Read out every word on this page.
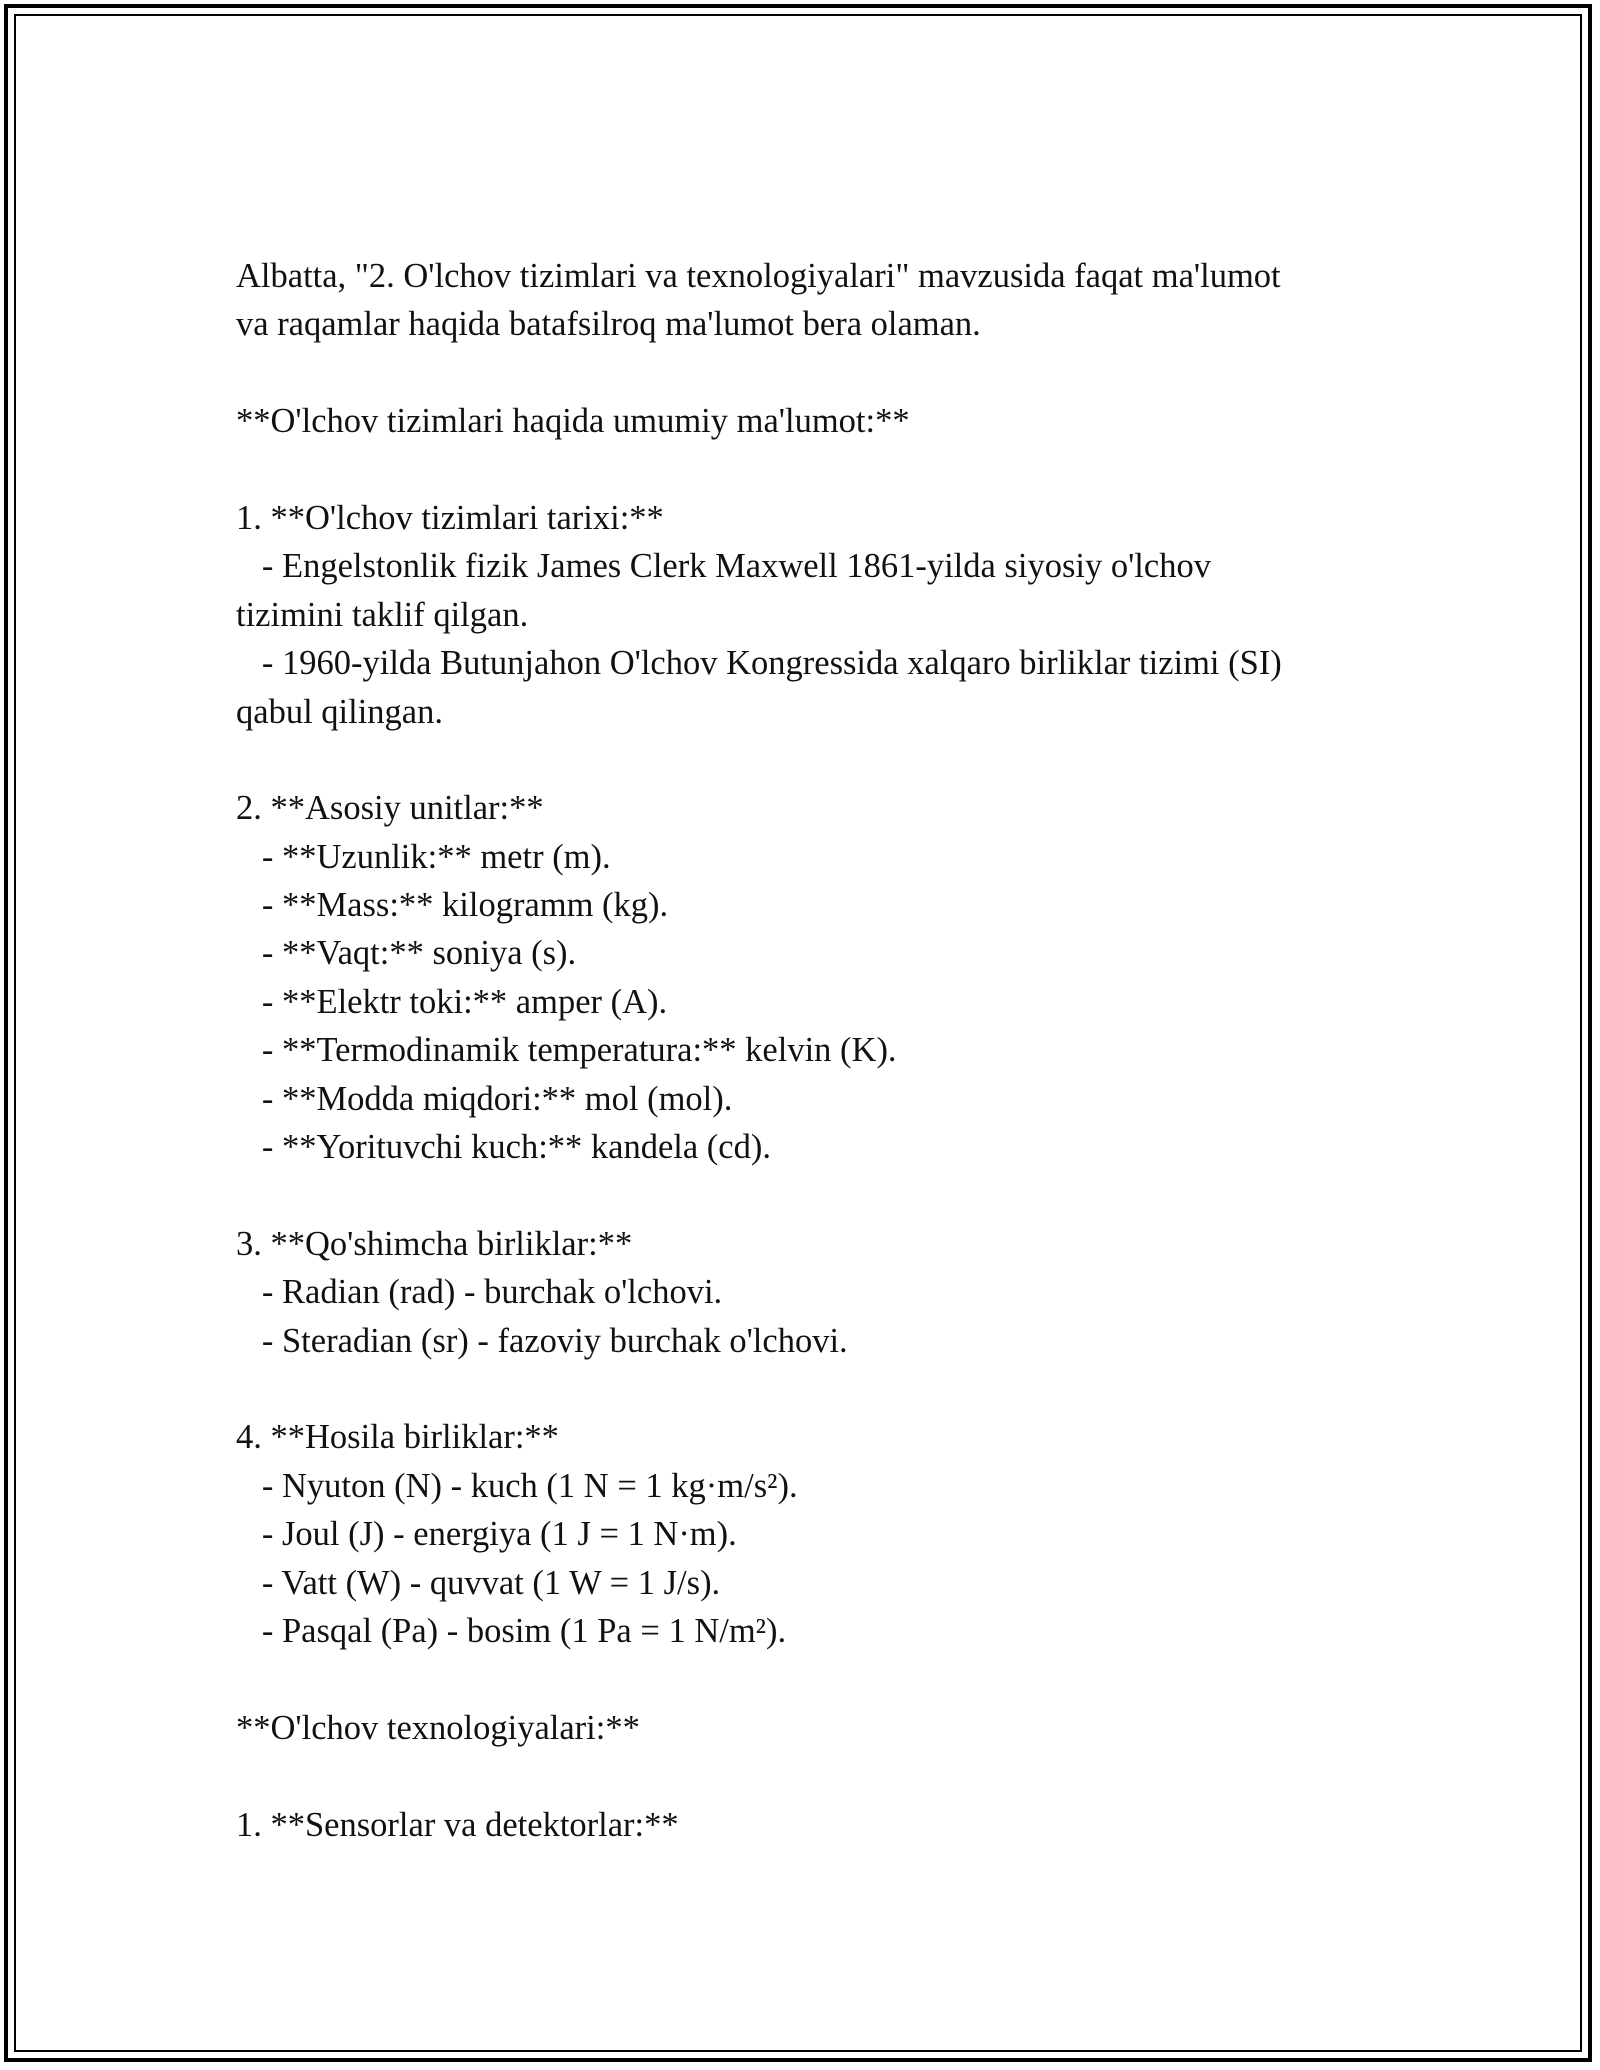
Albatta, "2. O'lchov tizimlari va texnologiyalari" mavzusida faqat ma'lumot
va raqamlar haqida batafsilroq ma'lumot bera olaman.
**O'lchov tizimlari haqida umumiy ma'lumot:**
1. **O'lchov tizimlari tarixi:**
- Engelstonlik fizik James Clerk Maxwell 1861-yilda siyosiy o'lchov
tizimini taklif qilgan.
- 1960-yilda Butunjahon O'lchov Kongressida xalqaro birliklar tizimi (SI)
qabul qilingan.
2. **Asosiy unitlar:**
- **Uzunlik:** metr (m).
- **Mass:** kilogramm (kg).
- **Vaqt:** soniya (s).
- **Elektr toki:** amper (A).
- **Termodinamik temperatura:** kelvin (K).
- **Modda miqdori:** mol (mol).
- **Yorituvchi kuch:** kandela (cd).
3. **Qo'shimcha birliklar:**
- Radian (rad) - burchak o'lchovi.
- Steradian (sr) - fazoviy burchak o'lchovi.
4. **Hosila birliklar:**
- Nyuton (N) - kuch (1 N = 1 kg·m/s²).
- Joul (J) - energiya (1 J = 1 N·m).
- Vatt (W) - quvvat (1 W = 1 J/s).
- Pasqal (Pa) - bosim (1 Pa = 1 N/m²).
**O'lchov texnologiyalari:**
1. **Sensorlar va detektorlar:**
